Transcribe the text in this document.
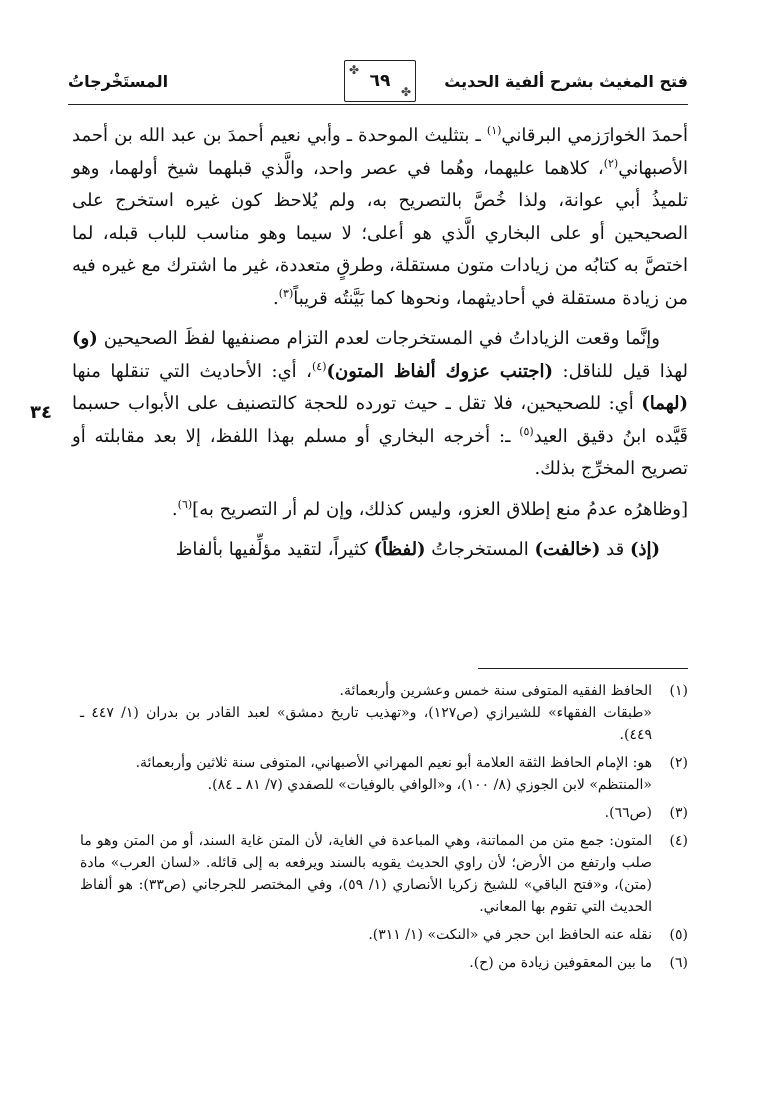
فتح المغيث بشرح ألفية الحديث
✤
✤
٦٩
المستَخْرجاتُ
٣٤

أحمدَ الخوارَزمي البرقاني$^{(١)}$ ـ بتثليث الموحدة ـ وأبي نعيم أحمدَ بن عبد الله بن أحمد الأصبهاني$^{(٢)}$، كلاهما عليهما، وهُما في عصر واحد، والَّذي قبلهما شيخ أولهما، وهو تلميذُ أبي عوانة، ولذا خُصَّ بالتصريح به، ولم يُلاحظ كون غيره استخرج على الصحيحين أو على البخاري الَّذي هو أعلى؛ لا سيما وهو مناسب للباب قبله، لما اختصَّ به كتابُه من زيادات متون مستقلة، وطرقٍ متعددة، غير ما اشترك مع غيره فيه من زيادة مستقلة في أحاديثهما، ونحوها كما بَيَّنتُه قريباً$^{(٣)}$.

وإنَّما وقعت الزياداتُ في المستخرجات لعدم التزام مصنفيها لفظَ الصحيحين (و) لهذا قيل للناقل: (اجتنب عزوك ألفاظ المتون)$^{(٤)}$، أي: الأحاديث التي تنقلها منها (لهما) أي: للصحيحين، فلا تقل ـ حيث تورده للحجة كالتصنيف على الأبواب حسبما قَيَّده ابنُ دقيق العيد$^{(٥)}$ ـ: أخرجه البخاري أو مسلم بهذا اللفظ، إلا بعد مقابلته أو تصريح المخرِّج بذلك.

[وظاهرُه عدمُ منع إطلاق العزو، وليس كذلك، وإن لم أر التصريح به]$^{(٦)}$.

(إذ) قد (خالفت) المستخرجاتُ (لفظاً) كثيراً، لتقيد مؤلِّفيها بألفاظ

(١)
الحافظ الفقيه المتوفى سنة خمس وعشرين وأربعمائة.
«طبقات الفقهاء» للشيرازي (ص١٢٧)، و«تهذيب تاريخ دمشق» لعبد القادر بن بدران (١/ ٤٤٧ ـ ٤٤٩).
(٢)
هو: الإمام الحافظ الثقة العلامة أبو نعيم المهراني الأصبهاني، المتوفى سنة ثلاثين وأربعمائة.
«المنتظم» لابن الجوزي (٨/ ١٠٠)، و«الوافي بالوفيات» للصفدي (٧/ ٨١ ـ ٨٤).
(٣)
(ص٦٦).
(٤)
المتون: جمع متن من المماتنة، وهي المباعدة في الغاية، لأن المتن غاية السند، أو من المتن وهو ما صلب وارتفع من الأرض؛ لأن راوي الحديث يقويه بالسند ويرفعه به إلى قائله. «لسان العرب» مادة (متن)، و«فتح الباقي» للشيخ زكريا الأنصاري (١/ ٥٩)، وفي المختصر للجرجاني (ص٣٣): هو ألفاظ الحديث التي تقوم بها المعاني.
(٥)
نقله عنه الحافظ ابن حجر في «النكت» (١/ ٣١١).
(٦)
ما بين المعقوفين زيادة من (ح).
